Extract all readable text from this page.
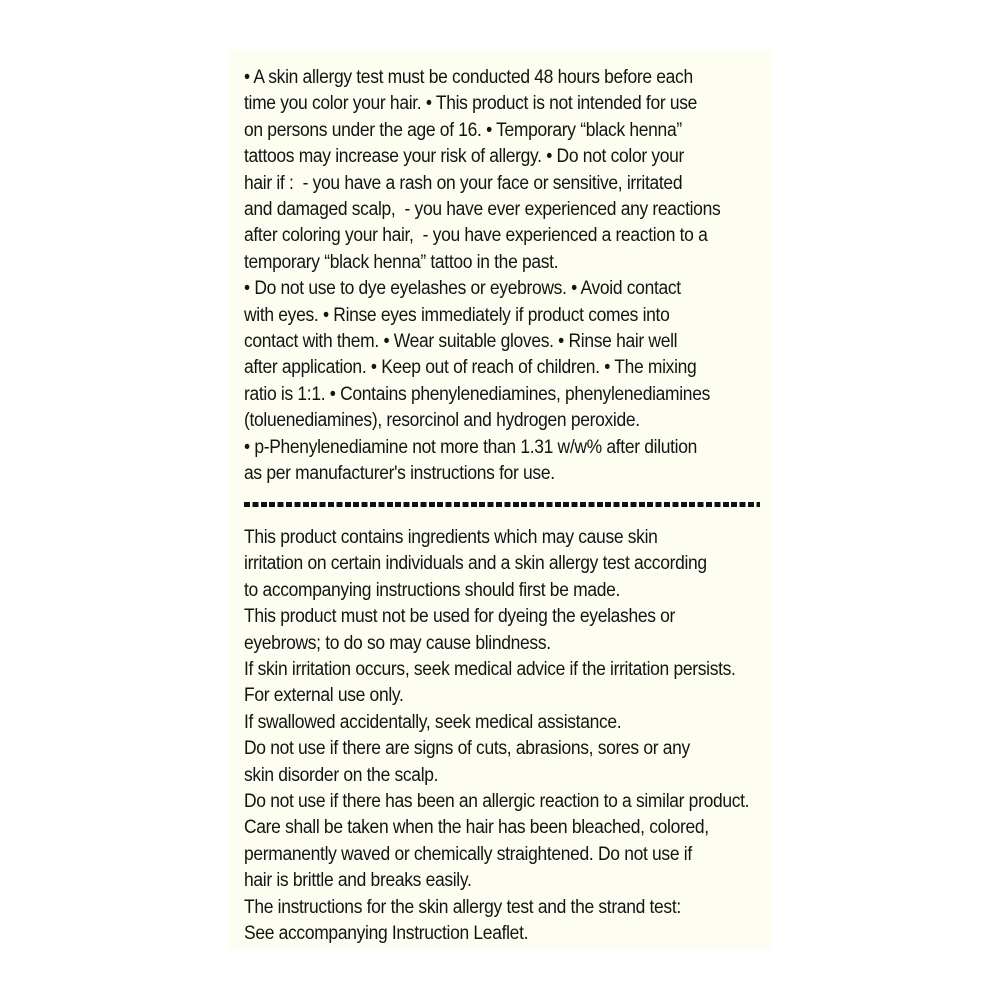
• A skin allergy test must be conducted 48 hours before each
time you color your hair. • This product is not intended for use
on persons under the age of 16. • Temporary “black henna”
tattoos may increase your risk of allergy. • Do not color your
hair if :  - you have a rash on your face or sensitive, irritated
and damaged scalp,  - you have ever experienced any reactions
after coloring your hair,  - you have experienced a reaction to a
temporary “black henna” tattoo in the past.
• Do not use to dye eyelashes or eyebrows. • Avoid contact
with eyes. • Rinse eyes immediately if product comes into
contact with them. • Wear suitable gloves. • Rinse hair well
after application. • Keep out of reach of children. • The mixing
ratio is 1:1. • Contains phenylenediamines, phenylenediamines
(toluenediamines), resorcinol and hydrogen peroxide.
• p-Phenylenediamine not more than 1.31 w/w% after dilution
as per manufacturer's instructions for use.
This product contains ingredients which may cause skin
irritation on certain individuals and a skin allergy test according
to accompanying instructions should first be made.
This product must not be used for dyeing the eyelashes or
eyebrows; to do so may cause blindness.
If skin irritation occurs, seek medical advice if the irritation persists.
For external use only.
If swallowed accidentally, seek medical assistance.
Do not use if there are signs of cuts, abrasions, sores or any
skin disorder on the scalp.
Do not use if there has been an allergic reaction to a similar product.
Care shall be taken when the hair has been bleached, colored,
permanently waved or chemically straightened. Do not use if
hair is brittle and breaks easily.
The instructions for the skin allergy test and the strand test:
See accompanying Instruction Leaflet.
